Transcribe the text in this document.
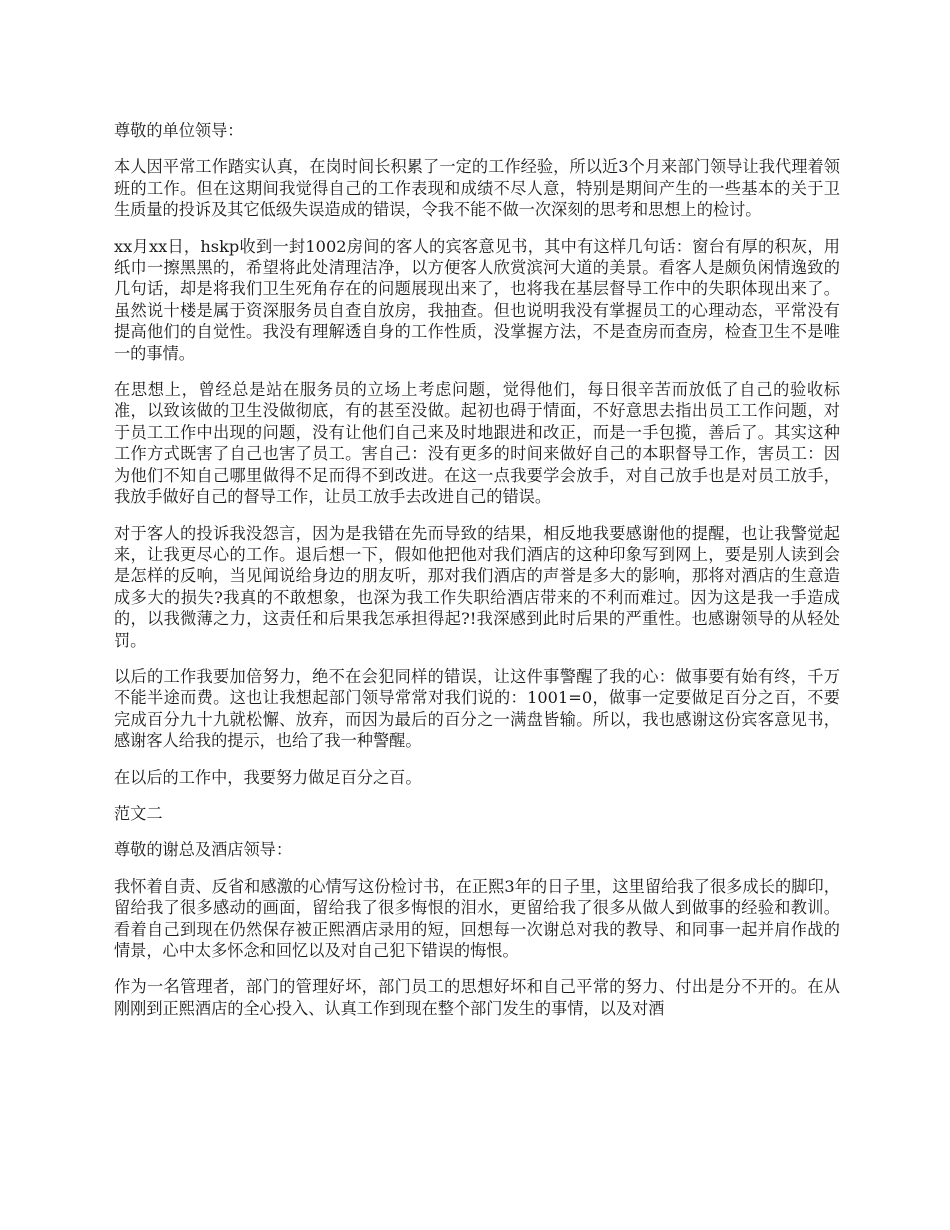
尊敬的单位领导：

本人因平常工作踏实认真，在岗时间长积累了一定的工作经验，所以近3个月来部门领导让我代理着领班的工作。但在这期间我觉得自己的工作表现和成绩不尽人意，特别是期间产生的一些基本的关于卫生质量的投诉及其它低级失误造成的错误，令我不能不做一次深刻的思考和思想上的检讨。

xx月xx日，hskp收到一封1002房间的客人的宾客意见书，其中有这样几句话：窗台有厚的积灰，用纸巾一擦黑黑的，希望将此处清理洁净，以方便客人欣赏滨河大道的美景。看客人是颇负闲情逸致的几句话，却是将我们卫生死角存在的问题展现出来了，也将我在基层督导工作中的失职体现出来了。虽然说十楼是属于资深服务员自查自放房，我抽查。但也说明我没有掌握员工的心理动态，平常没有提高他们的自觉性。我没有理解透自身的工作性质，没掌握方法，不是查房而查房，检查卫生不是唯一的事情。

在思想上，曾经总是站在服务员的立场上考虑问题，觉得他们，每日很辛苦而放低了自己的验收标准，以致该做的卫生没做彻底，有的甚至没做。起初也碍于情面，不好意思去指出员工工作问题，对于员工工作中出现的问题，没有让他们自己来及时地跟进和改正，而是一手包揽，善后了。其实这种工作方式既害了自己也害了员工。害自己：没有更多的时间来做好自己的本职督导工作，害员工：因为他们不知自己哪里做得不足而得不到改进。在这一点我要学会放手，对自己放手也是对员工放手，我放手做好自己的督导工作，让员工放手去改进自己的错误。

对于客人的投诉我没怨言，因为是我错在先而导致的结果，相反地我要感谢他的提醒，也让我警觉起来，让我更尽心的工作。退后想一下，假如他把他对我们酒店的这种印象写到网上，要是别人读到会是怎样的反响，当见闻说给身边的朋友听，那对我们酒店的声誉是多大的影响，那将对酒店的生意造成多大的损失?我真的不敢想象，也深为我工作失职给酒店带来的不利而难过。因为这是我一手造成的，以我微薄之力，这责任和后果我怎承担得起?!我深感到此时后果的严重性。也感谢领导的从轻处罚。

以后的工作我要加倍努力，绝不在会犯同样的错误，让这件事警醒了我的心：做事要有始有终，千万不能半途而费。这也让我想起部门领导常常对我们说的：1001=0，做事一定要做足百分之百，不要完成百分九十九就松懈、放弃，而因为最后的百分之一满盘皆输。所以，我也感谢这份宾客意见书，感谢客人给我的提示，也给了我一种警醒。

在以后的工作中，我要努力做足百分之百。

范文二

尊敬的谢总及酒店领导：

我怀着自责、反省和感激的心情写这份检讨书，在正熙3年的日子里，这里留给我了很多成长的脚印，留给我了很多感动的画面，留给我了很多悔恨的泪水，更留给我了很多从做人到做事的经验和教训。看着自己到现在仍然保存被正熙酒店录用的短，回想每一次谢总对我的教导、和同事一起并肩作战的情景，心中太多怀念和回忆以及对自己犯下错误的悔恨。

作为一名管理者，部门的管理好坏，部门员工的思想好坏和自己平常的努力、付出是分不开的。在从刚刚到正熙酒店的全心投入、认真工作到现在整个部门发生的事情，以及对酒
